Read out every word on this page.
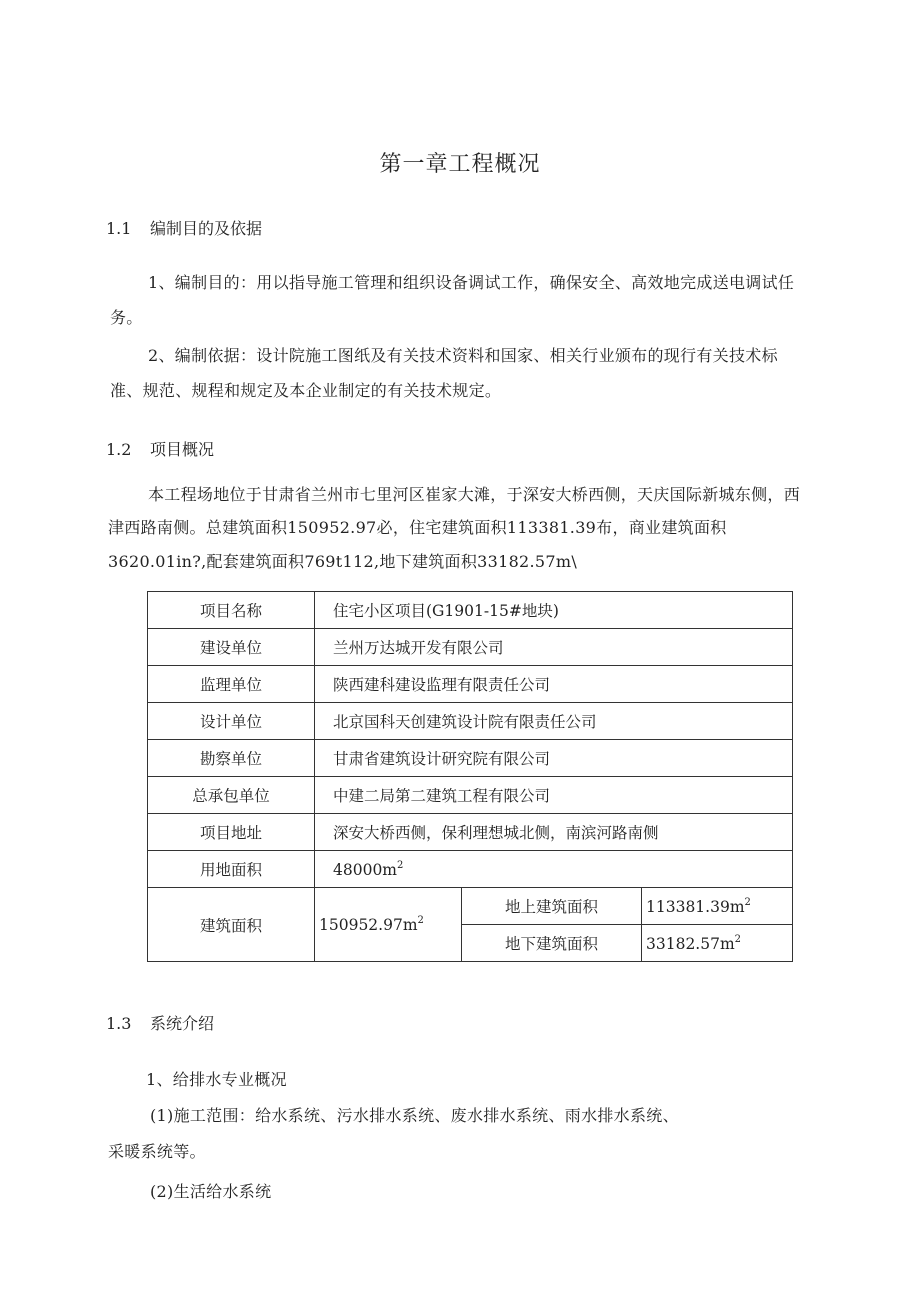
第一章工程概况
1.1 编制目的及依据
1、编制目的：用以指导施工管理和组织设备调试工作，确保安全、高效地完成送电调试任
务。
2、编制依据：设计院施工图纸及有关技术资料和国家、相关行业颁布的现行有关技术标
准、规范、规程和规定及本企业制定的有关技术规定。
1.2 项目概况
本工程场地位于甘肃省兰州市七里河区崔家大滩，于深安大桥西侧，天庆国际新城东侧，西
津西路南侧。总建筑面积150952.97必，住宅建筑面积113381.39布，商业建筑面积
3620.01in?,配套建筑面积769t112,地下建筑面积33182.57m\
项目名称	住宅小区项目(G1901-15#地块)		
建设单位	兰州万达城开发有限公司		
监理单位	陕西建科建设监理有限责任公司		
设计单位	北京国科天创建筑设计院有限责任公司		
勘察单位	甘肃省建筑设计研究院有限公司		
总承包单位	中建二局第二建筑工程有限公司		
项目地址	深安大桥西侧，保利理想城北侧，南滨河路南侧		
用地面积	$48000m^2$
建筑面积	$150952.97m^2$	地上建筑面积	$113381.39m^2$
		地下建筑面积	$33182.57m^2$
1.3 系统介绍
1、给排水专业概况
(1)施工范围：给水系统、污水排水系统、废水排水系统、雨水排水系统、
采暖系统等。
(2)生活给水系统
